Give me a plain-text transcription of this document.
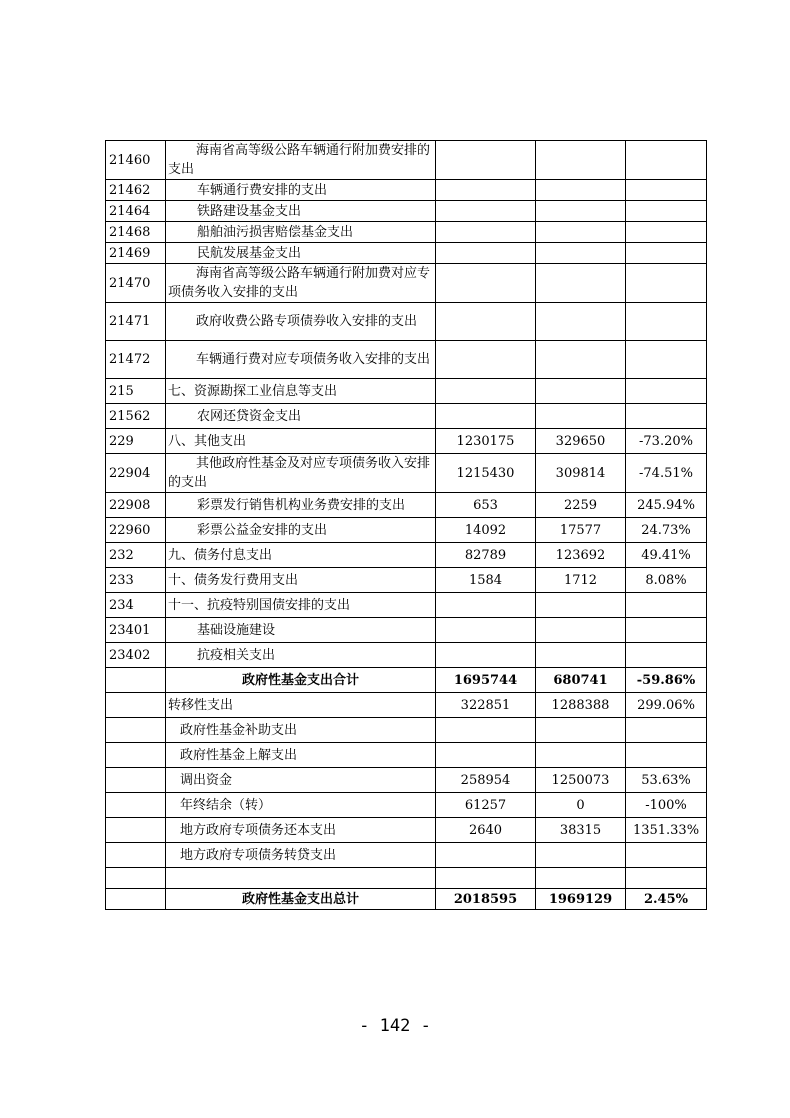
21460	海南省高等级公路车辆通行附加费安排的支出			
21462	车辆通行费安排的支出			
21464	铁路建设基金支出			
21468	船舶油污损害赔偿基金支出			
21469	民航发展基金支出			
21470	海南省高等级公路车辆通行附加费对应专项债务收入安排的支出			
21471	政府收费公路专项债券收入安排的支出			
21472	车辆通行费对应专项债务收入安排的支出			
215	七、资源勘探工业信息等支出			
21562	农网还贷资金支出			
229	八、其他支出	1230175	329650	-73.20%
22904	其他政府性基金及对应专项债务收入安排的支出	1215430	309814	-74.51%
22908	彩票发行销售机构业务费安排的支出	653	2259	245.94%
22960	彩票公益金安排的支出	14092	17577	24.73%
232	九、债务付息支出	82789	123692	49.41%
233	十、债务发行费用支出	1584	1712	8.08%
234	十一、抗疫特别国债安排的支出			
23401	基础设施建设			
23402	抗疫相关支出			
	政府性基金支出合计	1695744	680741	-59.86%
	转移性支出	322851	1288388	299.06%
	政府性基金补助支出			
	政府性基金上解支出			
	调出资金	258954	1250073	53.63%
	年终结余（转）	61257	0	-100%
	地方政府专项债务还本支出	2640	38315	1351.33%
	地方政府专项债务转贷支出			

	政府性基金支出总计	2018595	1969129	2.45%
- 142 -
